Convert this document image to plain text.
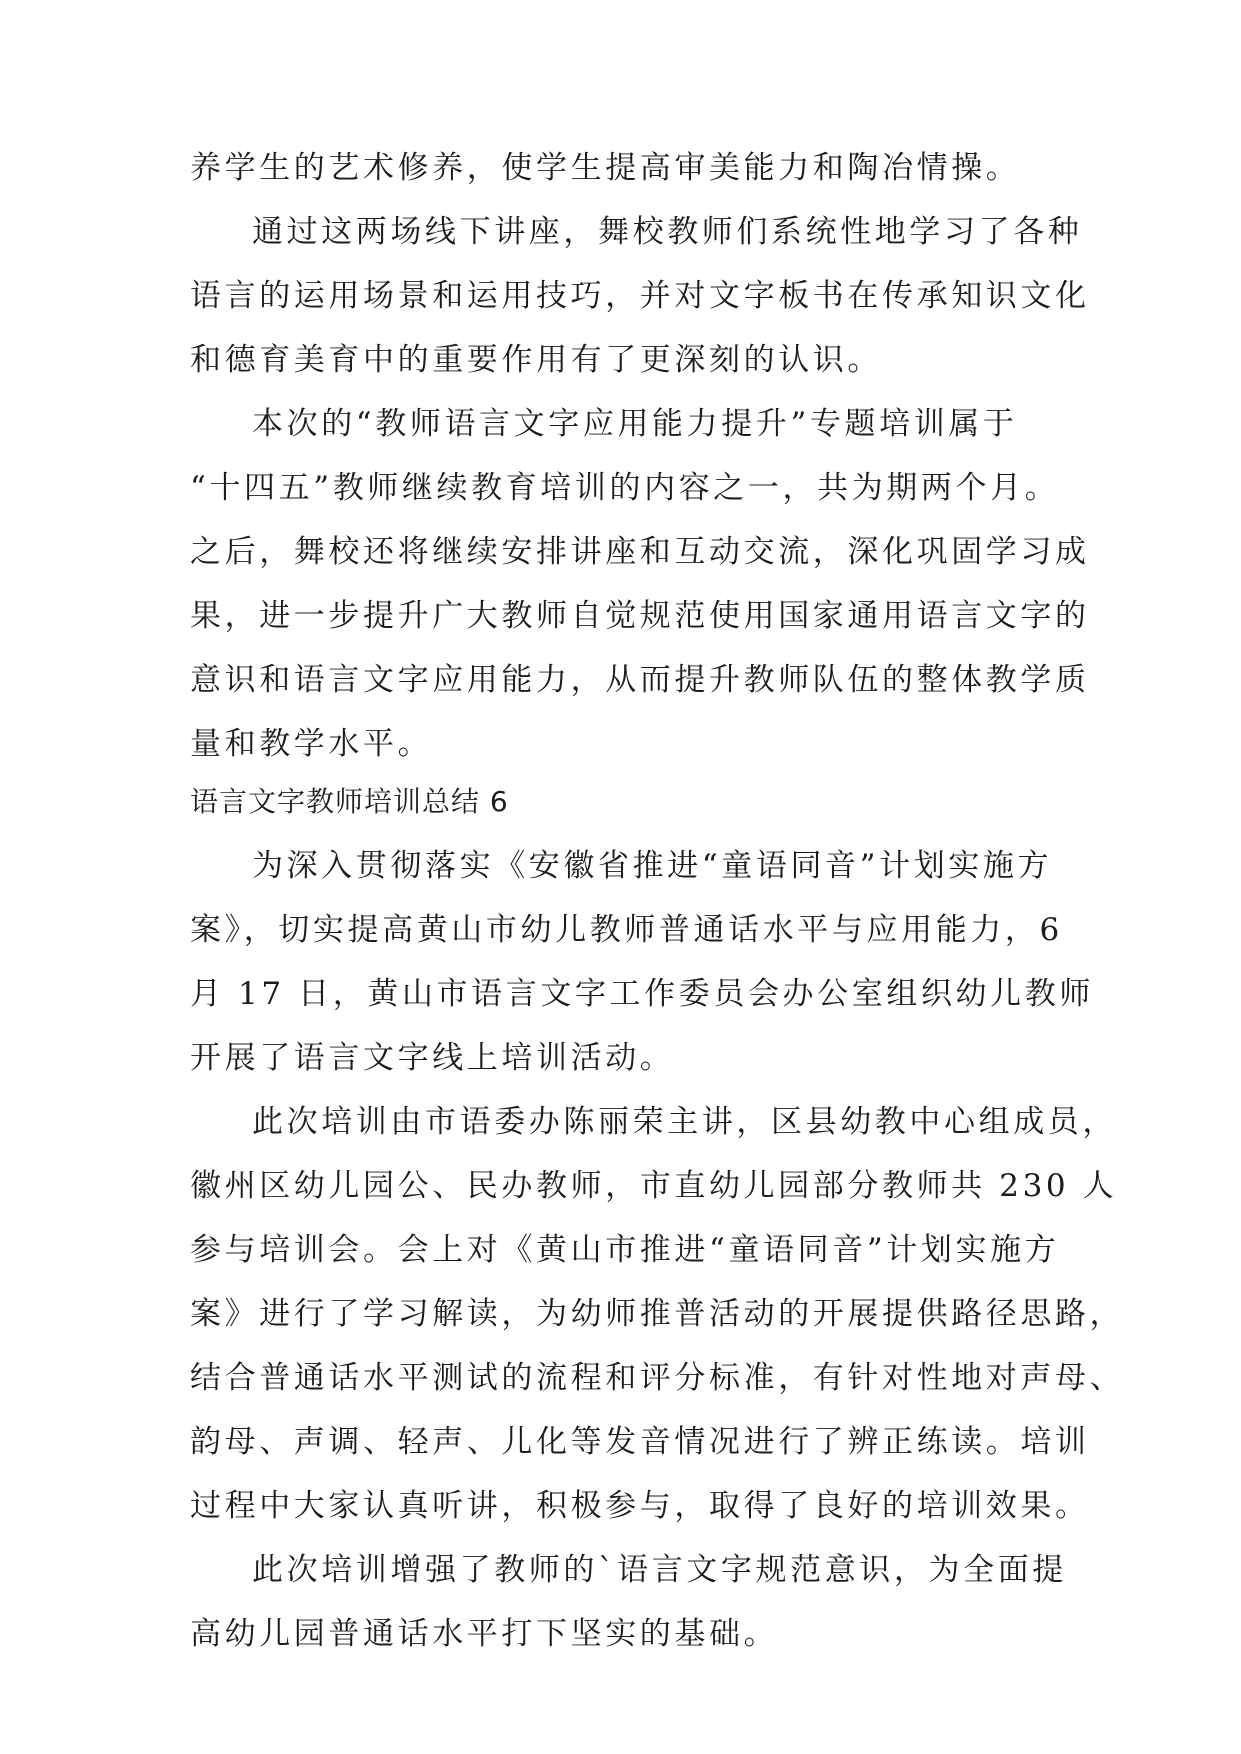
养学生的艺术修养，使学生提高审美能力和陶冶情操。
通过这两场线下讲座，舞校教师们系统性地学习了各种
语言的运用场景和运用技巧，并对文字板书在传承知识文化
和德育美育中的重要作用有了更深刻的认识。
本次的“教师语言文字应用能力提升”专题培训属于
“十四五”教师继续教育培训的内容之一，共为期两个月。
之后，舞校还将继续安排讲座和互动交流，深化巩固学习成
果，进一步提升广大教师自觉规范使用国家通用语言文字的
意识和语言文字应用能力，从而提升教师队伍的整体教学质
量和教学水平。
语言文字教师培训总结 6
为深入贯彻落实《安徽省推进“童语同音”计划实施方
案》，切实提高黄山市幼儿教师普通话水平与应用能力，6
月 17 日，黄山市语言文字工作委员会办公室组织幼儿教师
开展了语言文字线上培训活动。
此次培训由市语委办陈丽荣主讲，区县幼教中心组成员，
徽州区幼儿园公、民办教师，市直幼儿园部分教师共 230 人
参与培训会。会上对《黄山市推进“童语同音”计划实施方
案》进行了学习解读，为幼师推普活动的开展提供路径思路，
结合普通话水平测试的流程和评分标准，有针对性地对声母、
韵母、声调、轻声、儿化等发音情况进行了辨正练读。培训
过程中大家认真听讲，积极参与，取得了良好的培训效果。
此次培训增强了教师的`语言文字规范意识，为全面提
高幼儿园普通话水平打下坚实的基础。
